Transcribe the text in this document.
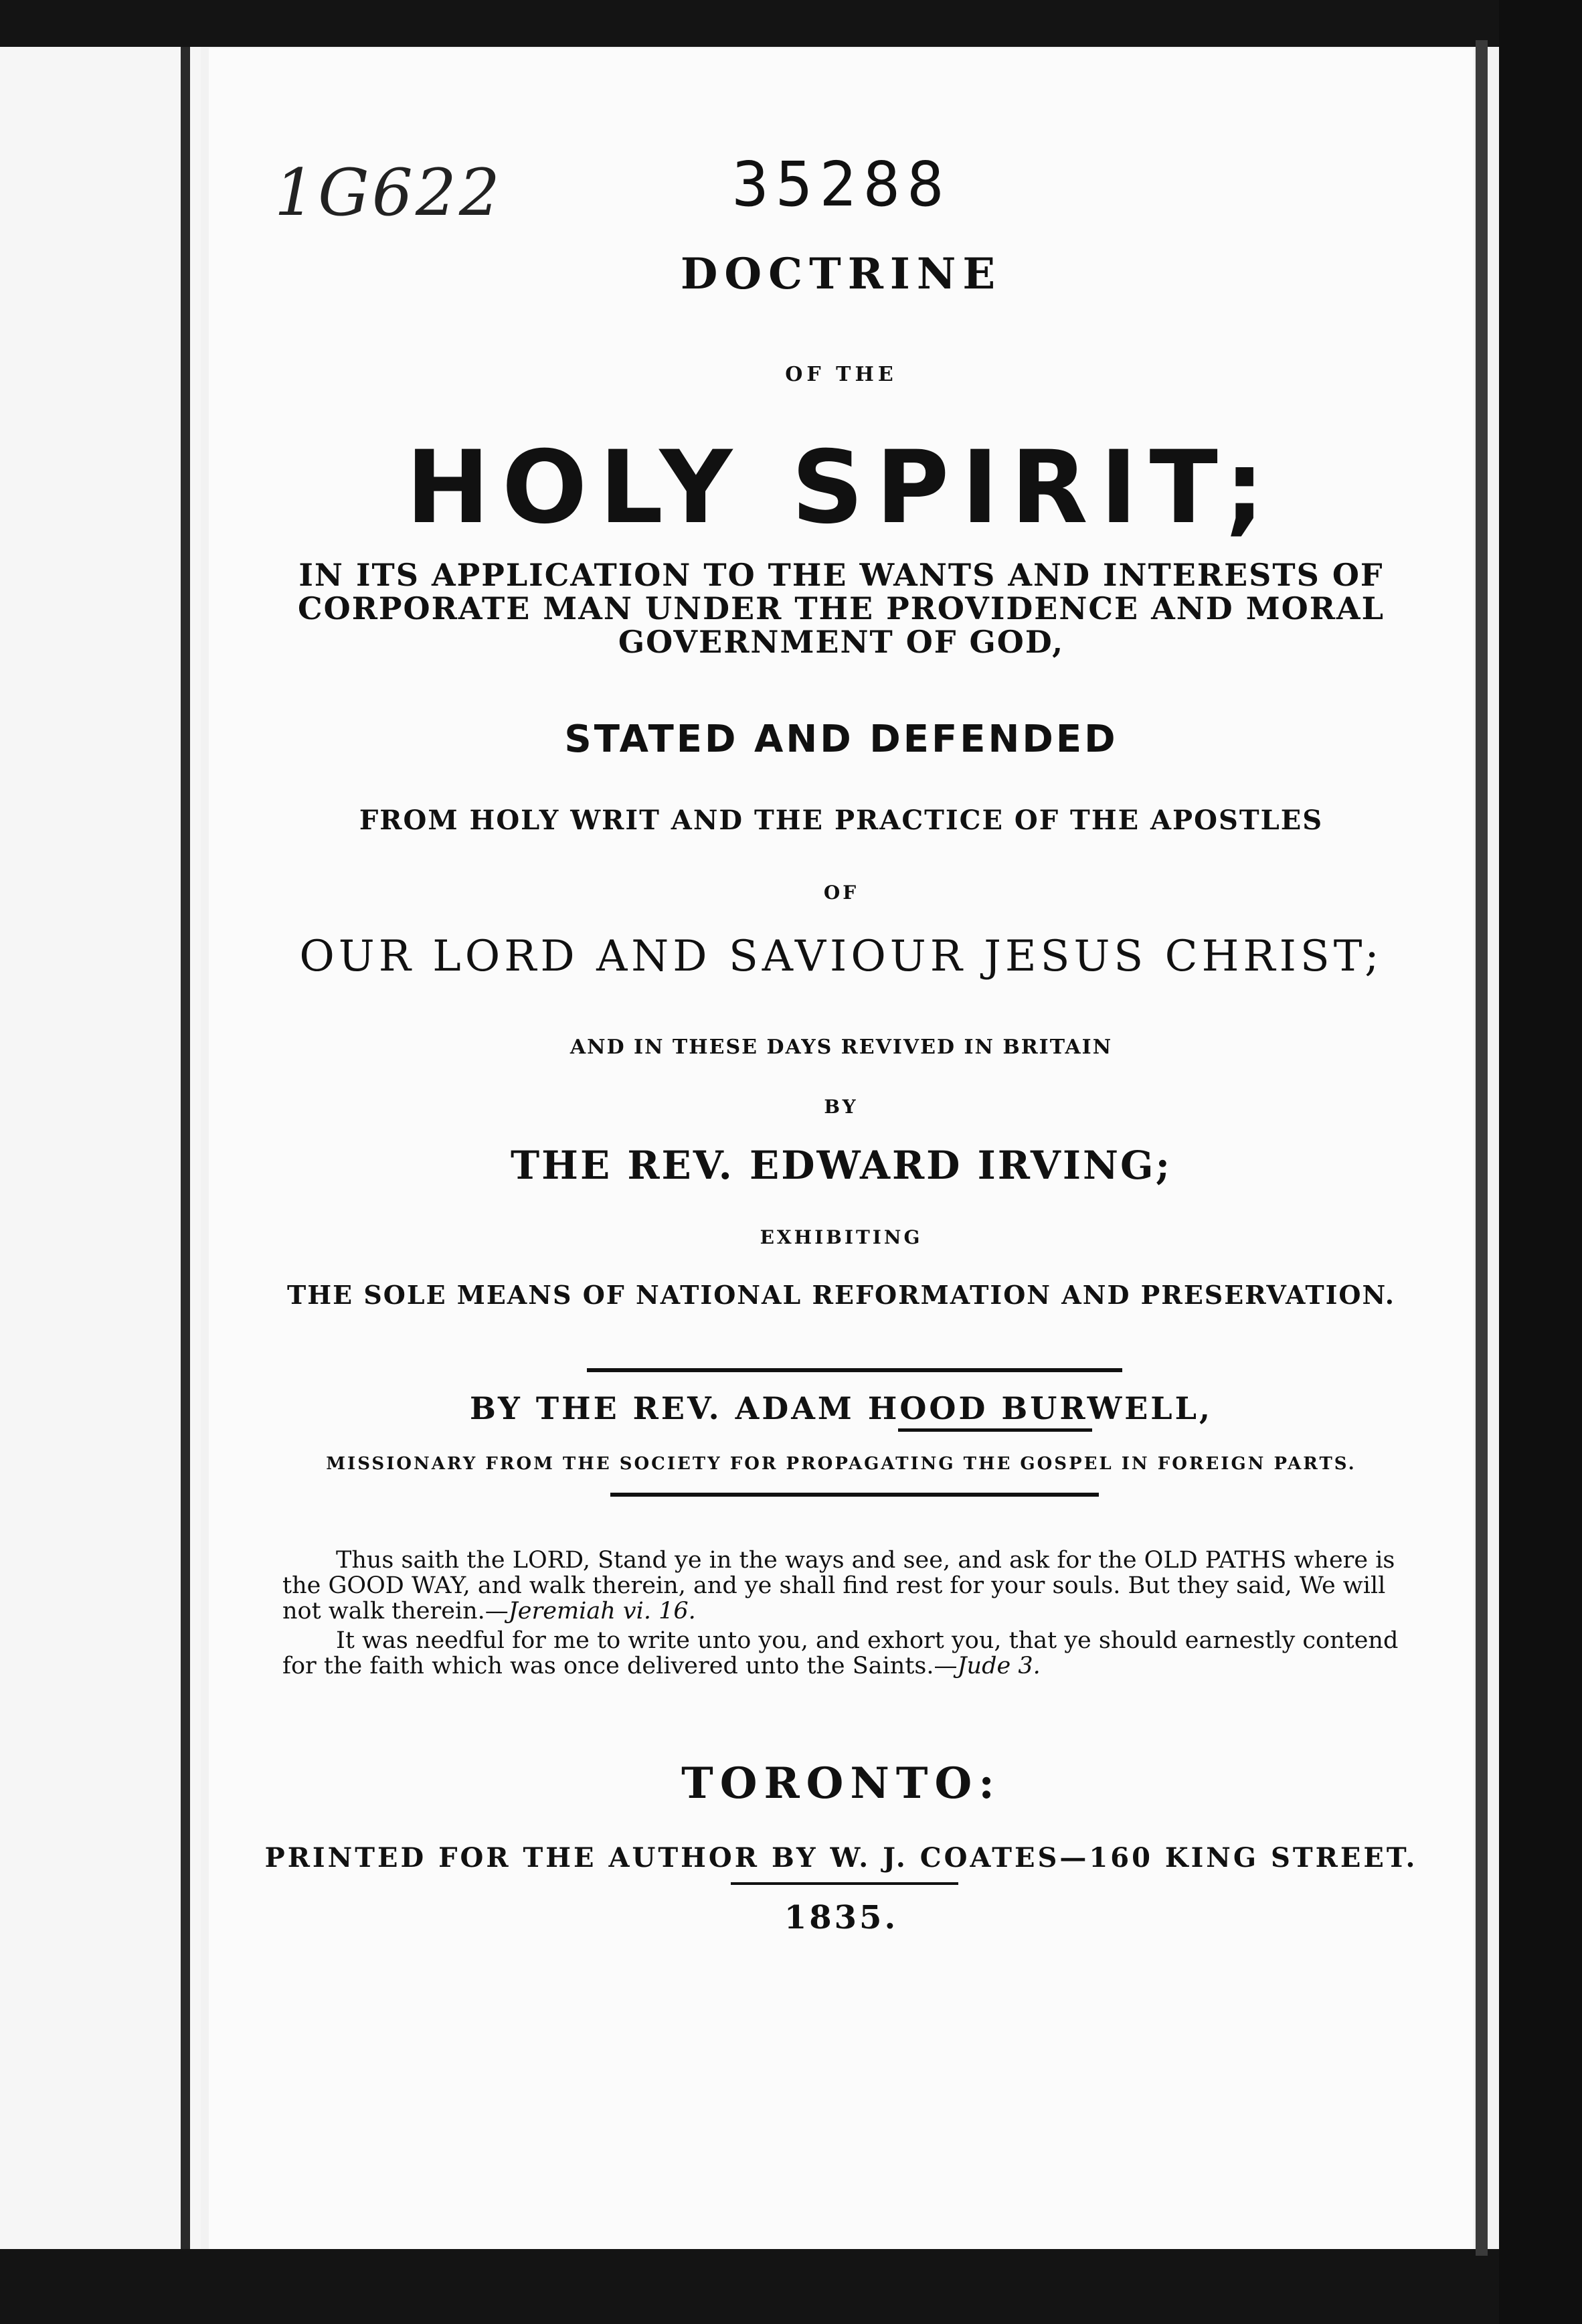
1G622	35288
DOCTRINE
OF THE
HOLY SPIRIT;
IN ITS APPLICATION TO THE WANTS AND INTERESTS OF
CORPORATE MAN UNDER THE PROVIDENCE AND MORAL
GOVERNMENT OF GOD,
STATED AND DEFENDED
FROM HOLY WRIT AND THE PRACTICE OF THE APOSTLES
OF
OUR LORD AND SAVIOUR JESUS CHRIST;
AND IN THESE DAYS REVIVED IN BRITAIN
BY
THE REV. EDWARD IRVING;
EXHIBITING
THE SOLE MEANS OF NATIONAL REFORMATION AND PRESERVATION.
BY THE REV. ADAM HOOD BURWELL,
MISSIONARY FROM THE SOCIETY FOR PROPAGATING THE GOSPEL IN FOREIGN PARTS.

Thus saith the LORD, Stand ye in the ways and see, and ask for the OLD PATHS where is the GOOD WAY, and walk therein, and ye shall find rest for your souls. But they said, We will not walk therein.—Jeremiah vi. 16.

It was needful for me to write unto you, and exhort you, that ye should earnestly contend for the faith which was once delivered unto the Saints.—Jude 3.

TORONTO:
PRINTED FOR THE AUTHOR BY W. J. COATES—160 KING STREET.
1835.
